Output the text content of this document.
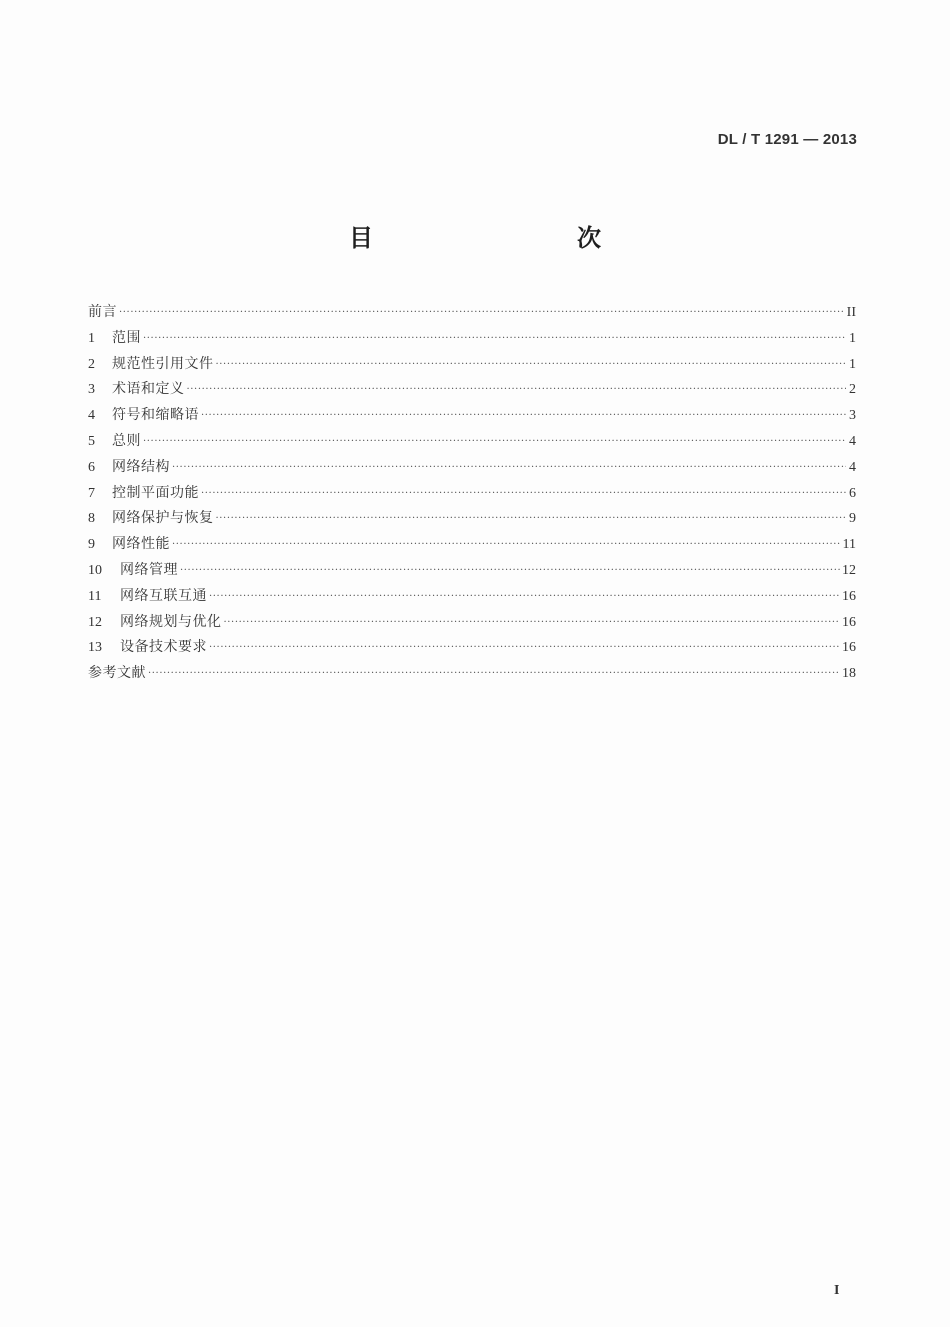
DL / T 1291 — 2013
目　　次
前言 ·····	II
1	范围 ·····	1
2	规范性引用文件 ·····	1
3	术语和定义 ·····	2
4	符号和缩略语 ·····	3
5	总则 ·····	4
6	网络结构 ·····	4
7	控制平面功能 ·····	6
8	网络保护与恢复 ·····	9
9	网络性能 ·····	11
10	网络管理 ·····	12
11	网络互联互通 ·····	16
12	网络规划与优化 ·····	16
13	设备技术要求 ·····	16
参考文献 ·····	18
I
